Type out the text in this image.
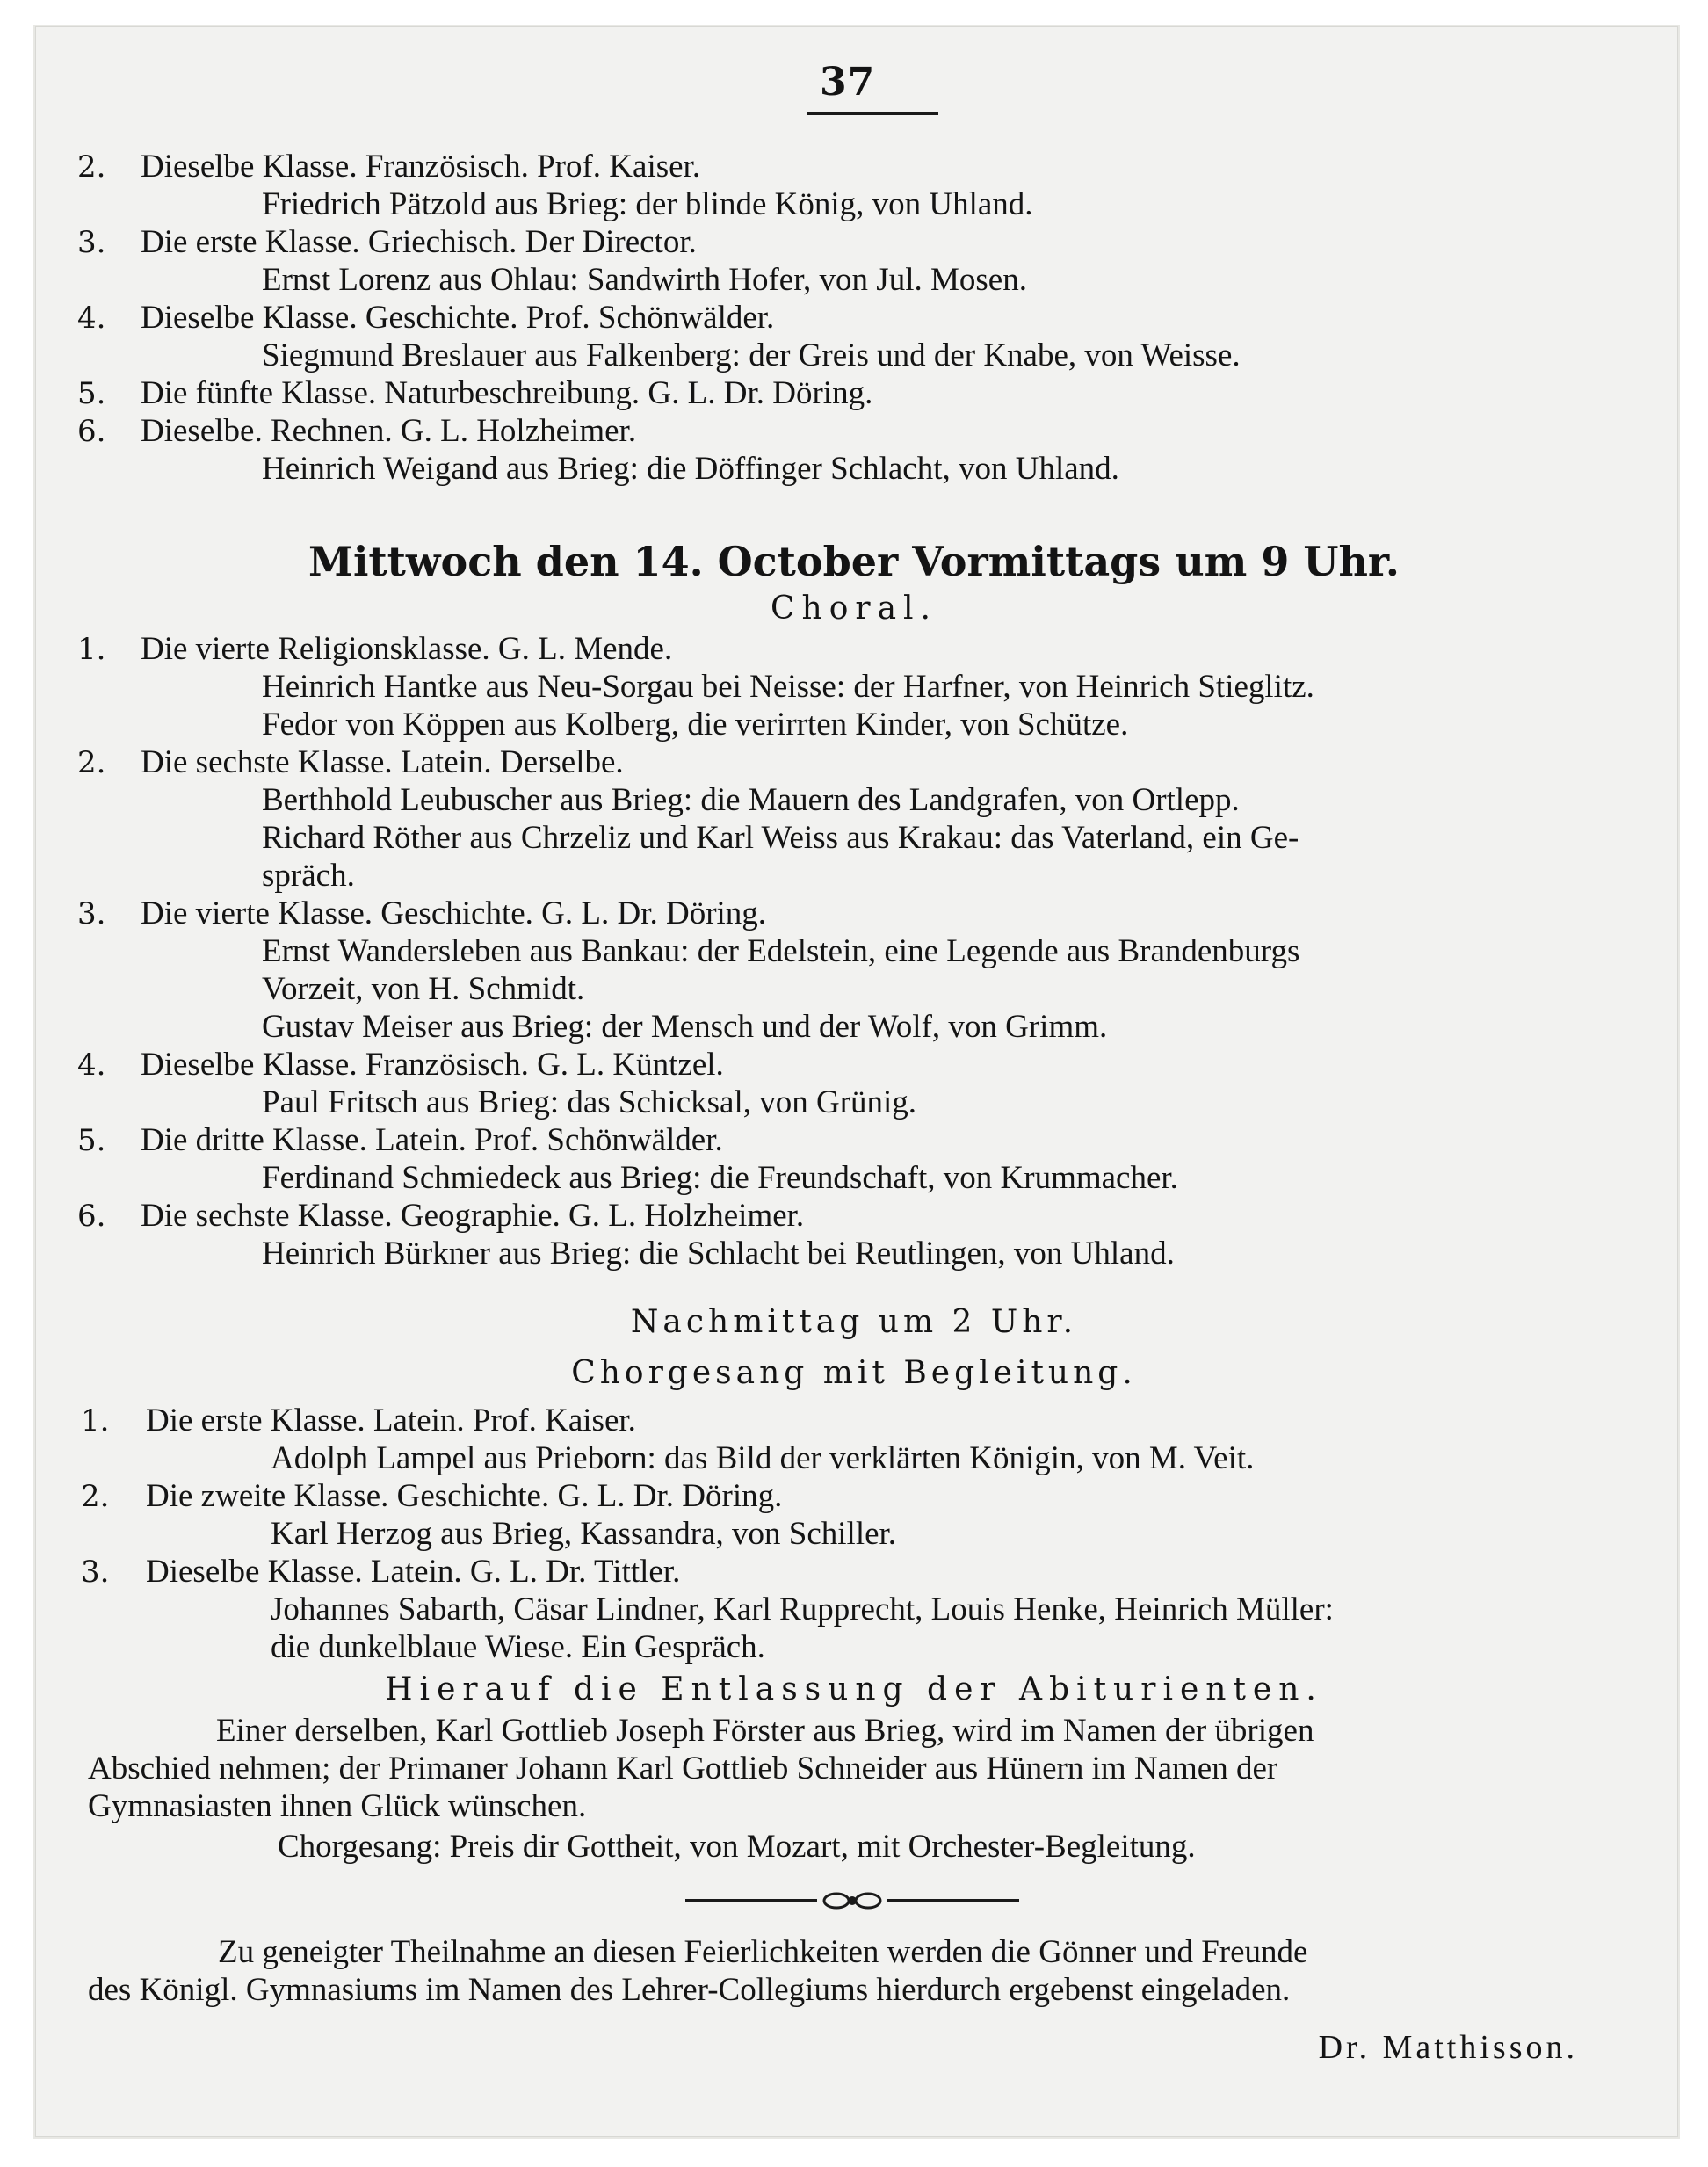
37
2. Dieselbe Klasse. Französisch. Prof. Kaiser.
Friedrich Pätzold aus Brieg: der blinde König, von Uhland.
3. Die erste Klasse. Griechisch. Der Director.
Ernst Lorenz aus Ohlau: Sandwirth Hofer, von Jul. Mosen.
4. Dieselbe Klasse. Geschichte. Prof. Schönwälder.
Siegmund Breslauer aus Falkenberg: der Greis und der Knabe, von Weisse.
5. Die fünfte Klasse. Naturbeschreibung. G. L. Dr. Döring.
6. Dieselbe. Rechnen. G. L. Holzheimer.
Heinrich Weigand aus Brieg: die Döffinger Schlacht, von Uhland.
Mittwoch den 14. October Vormittags um 9 Uhr.
Choral.
1. Die vierte Religionsklasse. G. L. Mende.
Heinrich Hantke aus Neu-Sorgau bei Neisse: der Harfner, von Heinrich Stieglitz.
Fedor von Köppen aus Kolberg, die verirrten Kinder, von Schütze.
2. Die sechste Klasse. Latein. Derselbe.
Berthhold Leubuscher aus Brieg: die Mauern des Landgrafen, von Ortlepp.
Richard Röther aus Chrzeliz und Karl Weiss aus Krakau: das Vaterland, ein Ge-
spräch.
3. Die vierte Klasse. Geschichte. G. L. Dr. Döring.
Ernst Wandersleben aus Bankau: der Edelstein, eine Legende aus Brandenburgs
Vorzeit, von H. Schmidt.
Gustav Meiser aus Brieg: der Mensch und der Wolf, von Grimm.
4. Dieselbe Klasse. Französisch. G. L. Küntzel.
Paul Fritsch aus Brieg: das Schicksal, von Grünig.
5. Die dritte Klasse. Latein. Prof. Schönwälder.
Ferdinand Schmiedeck aus Brieg: die Freundschaft, von Krummacher.
6. Die sechste Klasse. Geographie. G. L. Holzheimer.
Heinrich Bürkner aus Brieg: die Schlacht bei Reutlingen, von Uhland.
Nachmittag um 2 Uhr.
Chorgesang mit Begleitung.
1. Die erste Klasse. Latein. Prof. Kaiser.
Adolph Lampel aus Prieborn: das Bild der verklärten Königin, von M. Veit.
2. Die zweite Klasse. Geschichte. G. L. Dr. Döring.
Karl Herzog aus Brieg, Kassandra, von Schiller.
3. Dieselbe Klasse. Latein. G. L. Dr. Tittler.
Johannes Sabarth, Cäsar Lindner, Karl Rupprecht, Louis Henke, Heinrich Müller:
die dunkelblaue Wiese. Ein Gespräch.
Hierauf die Entlassung der Abiturienten.
Einer derselben, Karl Gottlieb Joseph Förster aus Brieg, wird im Namen der übrigen
Abschied nehmen; der Primaner Johann Karl Gottlieb Schneider aus Hünern im Namen der
Gymnasiasten ihnen Glück wünschen.
Chorgesang: Preis dir Gottheit, von Mozart, mit Orchester-Begleitung.
Zu geneigter Theilnahme an diesen Feierlichkeiten werden die Gönner und Freunde
des Königl. Gymnasiums im Namen des Lehrer-Collegiums hierdurch ergebenst eingeladen.
Dr. Matthisson.
